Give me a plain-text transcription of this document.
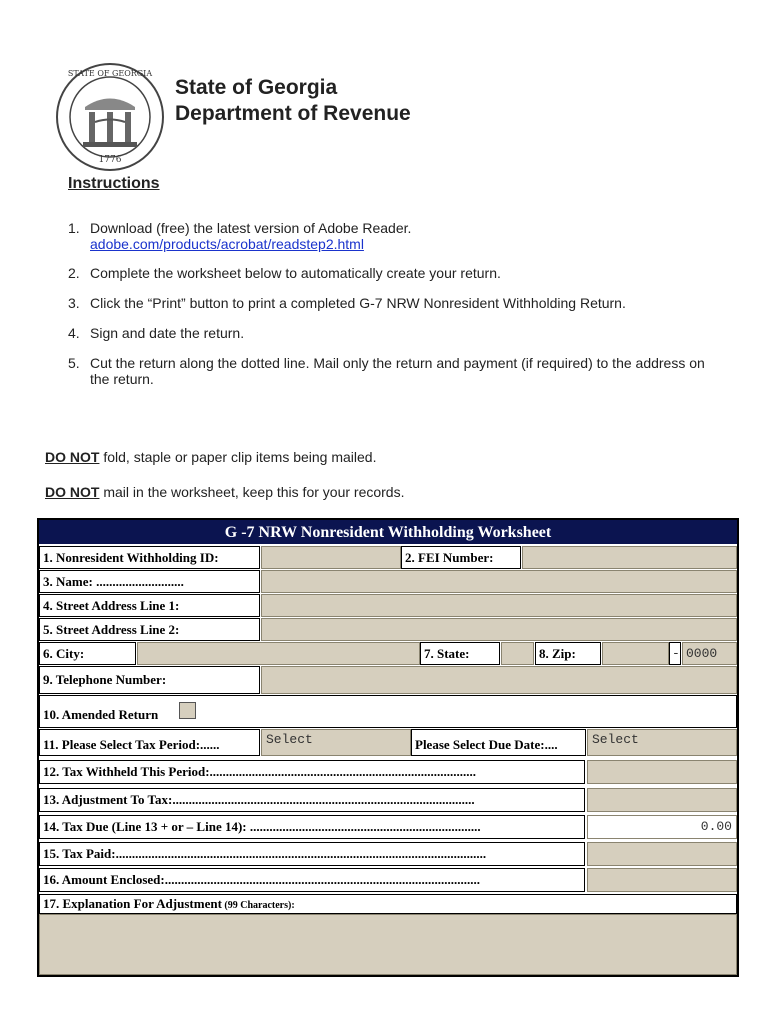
1776
STATE OF GEORGIA
State of Georgia
Department of Revenue
Instructions
1. Download (free) the latest version of Adobe Reader.
adobe.com/products/acrobat/readstep2.html
2. Complete the worksheet below to automatically create your return.
3. Click the “Print” button to print a completed G-7 NRW Nonresident Withholding Return.
4. Sign and date the return.
5. Cut the return along the dotted line. Mail only the return and payment (if required) to the address on the return.
DO NOT fold, staple or paper clip items being mailed.
DO NOT mail in the worksheet, keep this for your records.
G -7 NRW Nonresident Withholding Worksheet
1. Nonresident Withholding ID:	2. FEI Number:
3. Name: ...........................
4. Street Address Line 1:
5. Street Address Line 2:
6. City:	7. State:	8. Zip:	- 0000
9. Telephone Number:
10. Amended Return
11. Please Select Tax Period:......	Select	Please Select Due Date:....	Select
12. Tax Withheld This Period:..................................................................................
13. Adjustment To Tax:.............................................................................................
14. Tax Due (Line 13 + or – Line 14): .......................................................................	0.00
15. Tax Paid:..................................................................................................................
16. Amount Enclosed:.................................................................................................
17. Explanation For Adjustment (99 Characters):
